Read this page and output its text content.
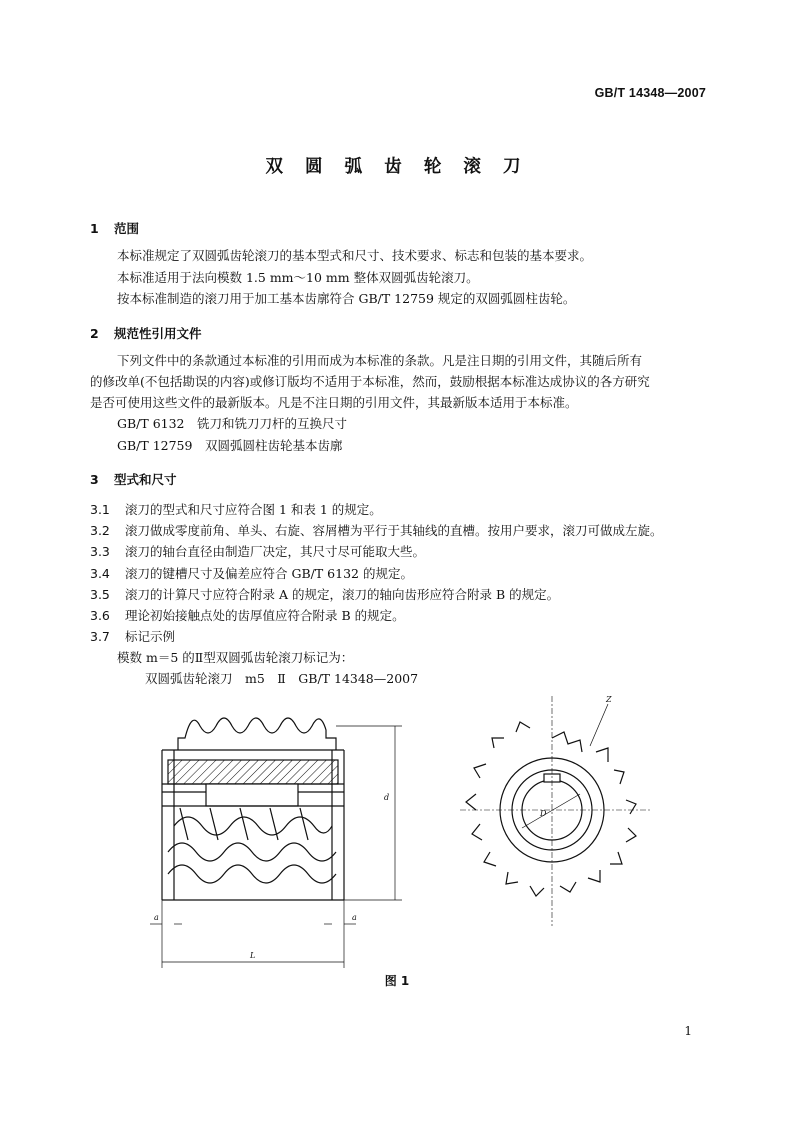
GB/T 14348—2007
双 圆 弧 齿 轮 滚 刀
1 范围
本标准规定了双圆弧齿轮滚刀的基本型式和尺寸、技术要求、标志和包装的基本要求。
本标准适用于法向模数 1.5 mm～10 mm 整体双圆弧齿轮滚刀。
按本标准制造的滚刀用于加工基本齿廓符合 GB/T 12759 规定的双圆弧圆柱齿轮。
2 规范性引用文件
下列文件中的条款通过本标准的引用而成为本标准的条款。凡是注日期的引用文件，其随后所有
的修改单(不包括勘误的内容)或修订版均不适用于本标准，然而，鼓励根据本标准达成协议的各方研究
是否可使用这些文件的最新版本。凡是不注日期的引用文件，其最新版本适用于本标准。
GB/T 6132　铣刀和铣刀刀杆的互换尺寸
GB/T 12759　双圆弧圆柱齿轮基本齿廓
3 型式和尺寸
3.1 滚刀的型式和尺寸应符合图 1 和表 1 的规定。
3.2 滚刀做成零度前角、单头、右旋、容屑槽为平行于其轴线的直槽。按用户要求，滚刀可做成左旋。
3.3 滚刀的轴台直径由制造厂决定，其尺寸尽可能取大些。
3.4 滚刀的键槽尺寸及偏差应符合 GB/T 6132 的规定。
3.5 滚刀的计算尺寸应符合附录 A 的规定，滚刀的轴向齿形应符合附录 B 的规定。
3.6 理论初始接触点处的齿厚值应符合附录 B 的规定。
3.7 标记示例
模数 m＝5 的Ⅱ型双圆弧齿轮滚刀标记为：
双圆弧齿轮滚刀　m5　Ⅱ　GB/T 14348—2007
d
L
a	a
Z
D
图 1
1
